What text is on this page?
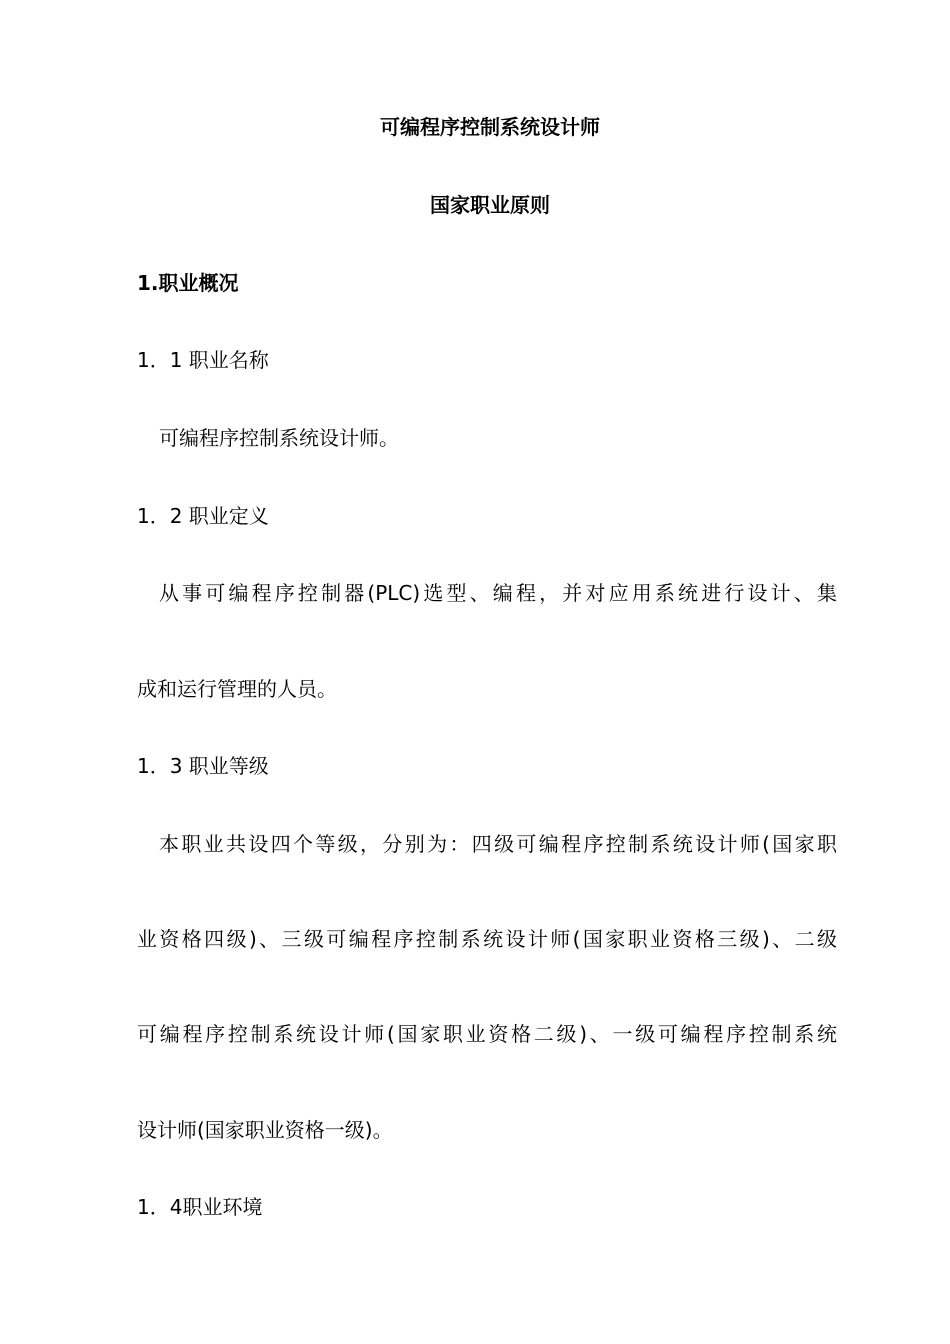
可编程序控制系统设计师
国家职业原则
1.职业概况
1．1 职业名称
可编程序控制系统设计师。
1．2 职业定义
从事可编程序控制器(PLC)选型、编程，并对应用系统进行设计、集
成和运行管理的人员。
1．3 职业等级
本职业共设四个等级，分别为：四级可编程序控制系统设计师(国家职
业资格四级)、三级可编程序控制系统设计师(国家职业资格三级)、二级
可编程序控制系统设计师(国家职业资格二级)、一级可编程序控制系统
设计师(国家职业资格一级)。
1．4职业环境
